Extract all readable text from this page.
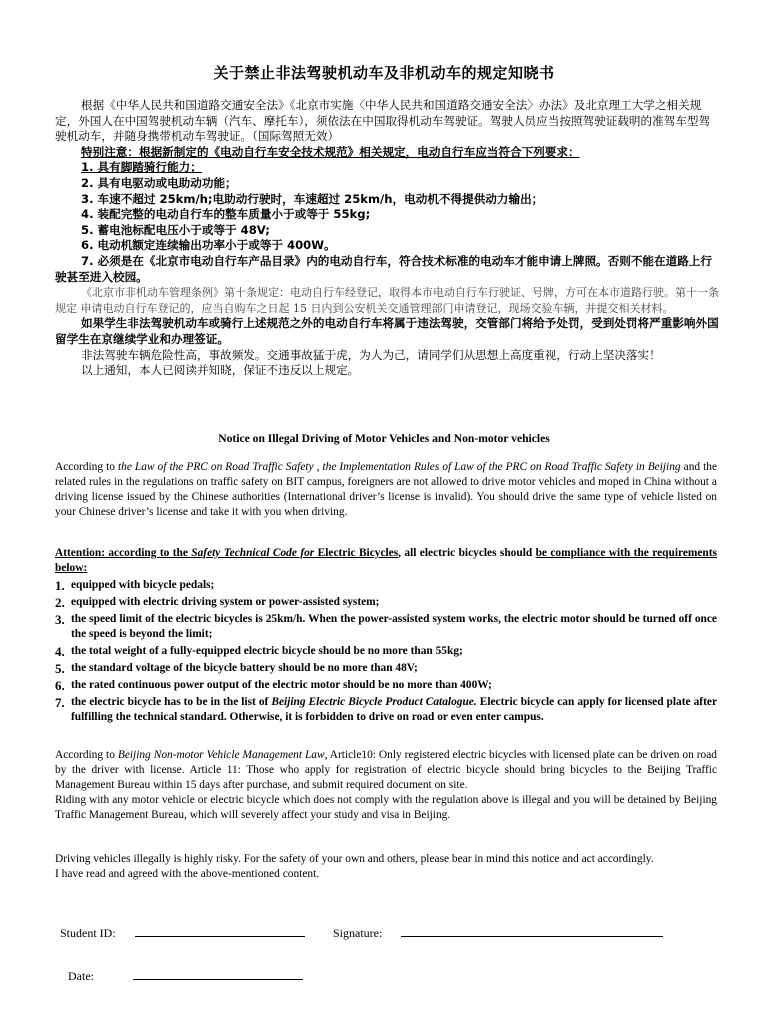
关于禁止非法驾驶机动车及非机动车的规定知晓书

根据《中华人民共和国道路交通安全法》《北京市实施〈中华人民共和国道路交通安全法〉办法》及北京理工大学之相关规定，外国人在中国驾驶机动车辆（汽车、摩托车），须依法在中国取得机动车驾驶证。驾驶人员应当按照驾驶证载明的准驾车型驾驶机动车，并随身携带机动车驾驶证。（国际驾照无效）

特别注意：根据新制定的《电动自行车安全技术规范》相关规定，电动自行车应当符合下列要求：

1. 具有脚踏骑行能力；

2. 具有电驱动或电助动功能；

3. 车速不超过 25km/h;电助动行驶时，车速超过 25km/h，电动机不得提供动力输出；

4. 装配完整的电动自行车的整车质量小于或等于 55kg;

5. 蓄电池标配电压小于或等于 48V;

6. 电动机额定连续输出功率小于或等于 400W。

7. 必须是在《北京市电动自行车产品目录》内的电动自行车，符合技术标准的电动车才能申请上牌照。否则不能在道路上行驶甚至进入校园。

《北京市非机动车管理条例》第十条规定：电动自行车经登记，取得本市电动自行车行驶证、号牌，方可在本市道路行驶。第十一条规定 申请电动自行车登记的，应当自购车之日起 15 日内到公安机关交通管理部门申请登记，现场交验车辆，并提交相关材料。

如果学生非法驾驶机动车或骑行上述规范之外的电动自行车将属于违法驾驶，交管部门将给予处罚，受到处罚将严重影响外国留学生在京继续学业和办理签证。

非法驾驶车辆危险性高，事故频发。交通事故猛于虎，为人为己，请同学们从思想上高度重视，行动上坚决落实！

以上通知，本人已阅读并知晓，保证不违反以上规定。

Notice on Illegal Driving of Motor Vehicles and Non-motor vehicles

According to the Law of the PRC on Road Traffic Safety , the Implementation Rules of Law of the PRC on Road Traffic Safety in Beijing and the related rules in the regulations on traffic safety on BIT campus, foreigners are not allowed to drive motor vehicles and moped in China without a driving license issued by the Chinese authorities (International driver’s license is invalid). You should drive the same type of vehicle listed on your Chinese driver’s license and take it with you when driving.

Attention: according to the Safety Technical Code for Electric Bicycles, all electric bicycles should be compliance with the requirements below:

1. equipped with bicycle pedals;
2. equipped with electric driving system or power-assisted system;
3. the speed limit of the electric bicycles is 25km/h. When the power-assisted system works, the electric motor should be turned off once the speed is beyond the limit;
4. the total weight of a fully-equipped electric bicycle should be no more than 55kg;
5. the standard voltage of the bicycle battery should be no more than 48V;
6. the rated continuous power output of the electric motor should be no more than 400W;
7. the electric bicycle has to be in the list of Beijing Electric Bicycle Product Catalogue. Electric bicycle can apply for licensed plate after fulfilling the technical standard. Otherwise, it is forbidden to drive on road or even enter campus.

According to Beijing Non-motor Vehicle Management Law, Article10: Only registered electric bicycles with licensed plate can be driven on road by the driver with license. Article 11: Those who apply for registration of electric bicycle should bring bicycles to the Beijing Traffic Management Bureau within 15 days after purchase, and submit required document on site.

Riding with any motor vehicle or electric bicycle which does not comply with the regulation above is illegal and you will be detained by Beijing Traffic Management Bureau, which will severely affect your study and visa in Beijing.

Driving vehicles illegally is highly risky. For the safety of your own and others, please bear in mind this notice and act accordingly.

I have read and agreed with the above-mentioned content.

Student ID:	Signature:
Date:
